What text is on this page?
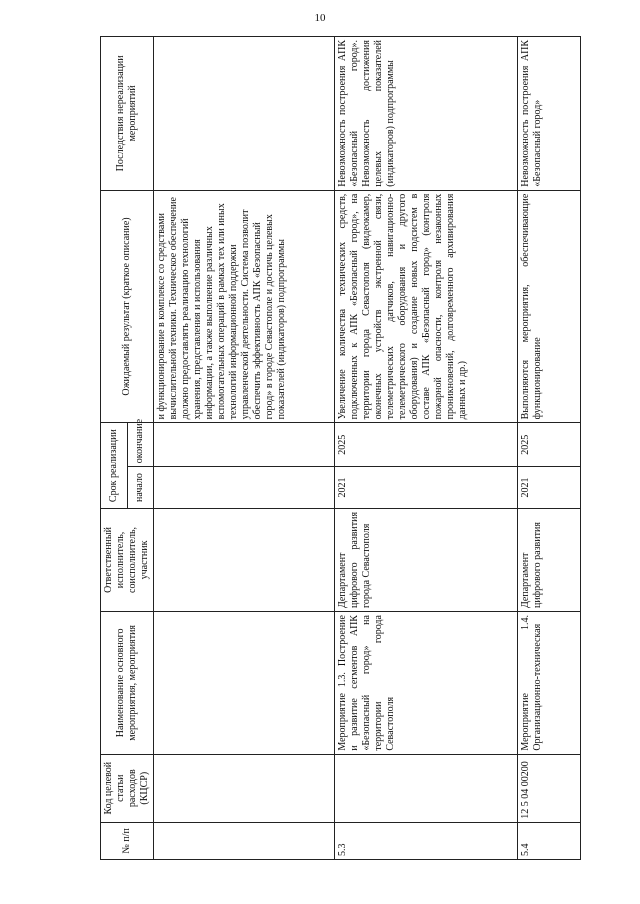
10
№ п/п	Код целевой статьи расходов (КЦСР)	Наименование основного мероприятия, мероприятия	Ответственный исполнитель, соисполнитель, участник	Срок реализации		Ожидаемый результат (краткое описание)	Последствия нереализации мероприятий
				начало	окончание		
						и функционирование в комплексе со средствами вычислительной техники. Техническое обеспечение должно предоставлять реализацию технологий хранения, представления и использования информации, а также выполнение различных вспомогательных операций в рамках тех или иных технологий информационной поддержки управленческой деятельности. Система позволит обеспечить эффективность АПК «Безопасный город» в городе Севастополе и достичь целевых показателей (индикаторов) подпрограммы	
5.3		Мероприятие 1.3. Построение и развитие сегментов АПК «Безопасный город» на территории города Севастополя	Департамент цифрового развития города Севастополя	2021	2025	Увеличение количества технических средств, подключенных к АПК «Безопасный город», на территории города Севастополя (видеокамер, оконечных устройств экстренной связи, телеметрических датчиков, навигационно-телеметрического оборудования и другого оборудования) и создание новых подсистем в составе АПК «Безопасный город» (контроля пожарной опасности, контроля незаконных проникновений, долговременного архивирования данных и др.)	Невозможность построения АПК «Безопасный город». Невозможность достижения целевых показателей (индикаторов) подпрограммы
5.4	12 5 04 00200	Мероприятие 1.4. Организационно-техническая	Департамент цифрового развития	2021	2025	Выполняются мероприятия, обеспечивающие функционирование	Невозможность построения АПК «Безопасный город»
